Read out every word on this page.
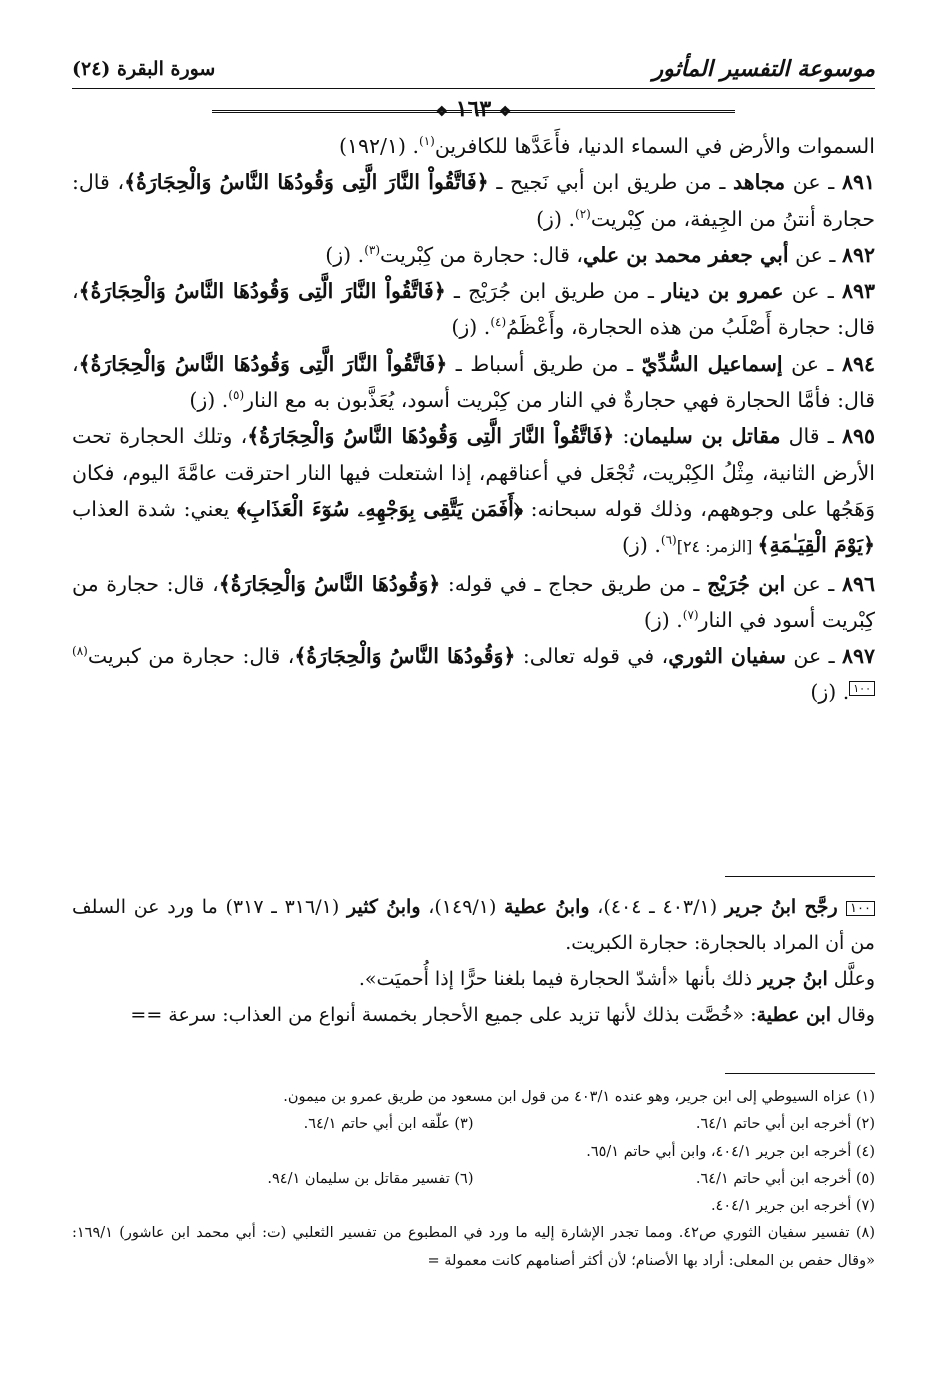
موسوعة التفسير المأثور
سورة البقرة (٢٤)
❖ ١٦٣ ❖

السموات والأرض في السماء الدنيا، فأَعَدَّها للكافرين$^{(١)}$. (١٩٢/١)

٨٩١ ـ عن مجاهد ـ من طريق ابن أبي نَجيح ـ ﴿فَاتَّقُواْ النَّارَ الَّتِى وَقُودُهَا النَّاسُ وَالْحِجَارَةُ﴾، قال: حجارة أنتنُ من الجِيفة، من كِبْريت$^{(٢)}$. (ز)

٨٩٢ ـ عن أبي جعفر محمد بن علي، قال: حجارة من كِبْريت$^{(٣)}$. (ز)

٨٩٣ ـ عن عمرو بن دينار ـ من طريق ابن جُرَيْج ـ ﴿فَاتَّقُواْ النَّارَ الَّتِى وَقُودُهَا النَّاسُ وَالْحِجَارَةُ﴾، قال: حجارة أَصْلَبُ من هذه الحجارة، وأَعْظَمُ$^{(٤)}$. (ز)

٨٩٤ ـ عن إسماعيل السُّدِّيّ ـ من طريق أسباط ـ ﴿فَاتَّقُواْ النَّارَ الَّتِى وَقُودُهَا النَّاسُ وَالْحِجَارَةُ﴾، قال: فأمَّا الحجارة فهي حجارةٌ في النار من كِبْريت أسود، يُعَذَّبون به مع النار$^{(٥)}$. (ز)

٨٩٥ ـ قال مقاتل بن سليمان: ﴿فَاتَّقُواْ النَّارَ الَّتِى وَقُودُهَا النَّاسُ وَالْحِجَارَةُ﴾، وتلك الحجارة تحت الأرض الثانية، مِثْلُ الكِبْريت، تُجْعَل في أعناقهم، إذا اشتعلت فيها النار احترقت عامَّةَ اليوم، فكان وَهَجُها على وجوههم، وذلك قوله سبحانه: ﴿أَفَمَن يَتَّقِى بِوَجْهِهِۦ سُوٓءَ الْعَذَابِ﴾ يعني: شدة العذاب ﴿يَوْمَ الْقِيَـٰمَةِ﴾ [الزمر: ٢٤]$^{(٦)}$. (ز)

٨٩٦ ـ عن ابن جُرَيْج ـ من طريق حجاج ـ في قوله: ﴿وَقُودُهَا النَّاسُ وَالْحِجَارَةُ﴾، قال: حجارة من كِبْريت أسود في النار$^{(٧)}$. (ز)

٨٩٧ ـ عن سفيان الثوري، في قوله تعالى: ﴿وَقُودُهَا النَّاسُ وَالْحِجَارَةُ﴾، قال: حجارة من كبريت$^{(٨)}$١٠٠. (ز)

١٠٠ رجَّح ابنُ جرير (٤٠٣/١ ـ ٤٠٤)، وابنُ عطية (١٤٩/١)، وابنُ كثير (٣١٦/١ ـ ٣١٧) ما ورد عن السلف من أن المراد بالحجارة: حجارة الكبريت.

وعلَّل ابنُ جرير ذلك بأنها «أشدّ الحجارة فيما بلغنا حرًّا إذا أُحميَت».

وقال ابن عطية: «خُصَّت بذلك لأنها تزيد على جميع الأحجار بخمسة أنواع من العذاب: سرعة ==

(١) عزاه السيوطي إلى ابن جرير، وهو عنده ٤٠٣/١ من قول ابن مسعود من طريق عمرو بن ميمون.
(٢) أخرجه ابن أبي حاتم ٦٤/١.
(٣) علّقه ابن أبي حاتم ٦٤/١.
(٤) أخرجه ابن جرير ٤٠٤/١، وابن أبي حاتم ٦٥/١.
(٥) أخرجه ابن أبي حاتم ٦٤/١.
(٦) تفسير مقاتل بن سليمان ٩٤/١.
(٧) أخرجه ابن جرير ٤٠٤/١.
(٨) تفسير سفيان الثوري ص٤٢. ومما تجدر الإشارة إليه ما ورد في المطبوع من تفسير الثعلبي (ت: أبي محمد ابن عاشور) ١٦٩/١: «وقال حفص بن المعلى: أراد بها الأصنام؛ لأن أكثر أصنامهم كانت معمولة =
